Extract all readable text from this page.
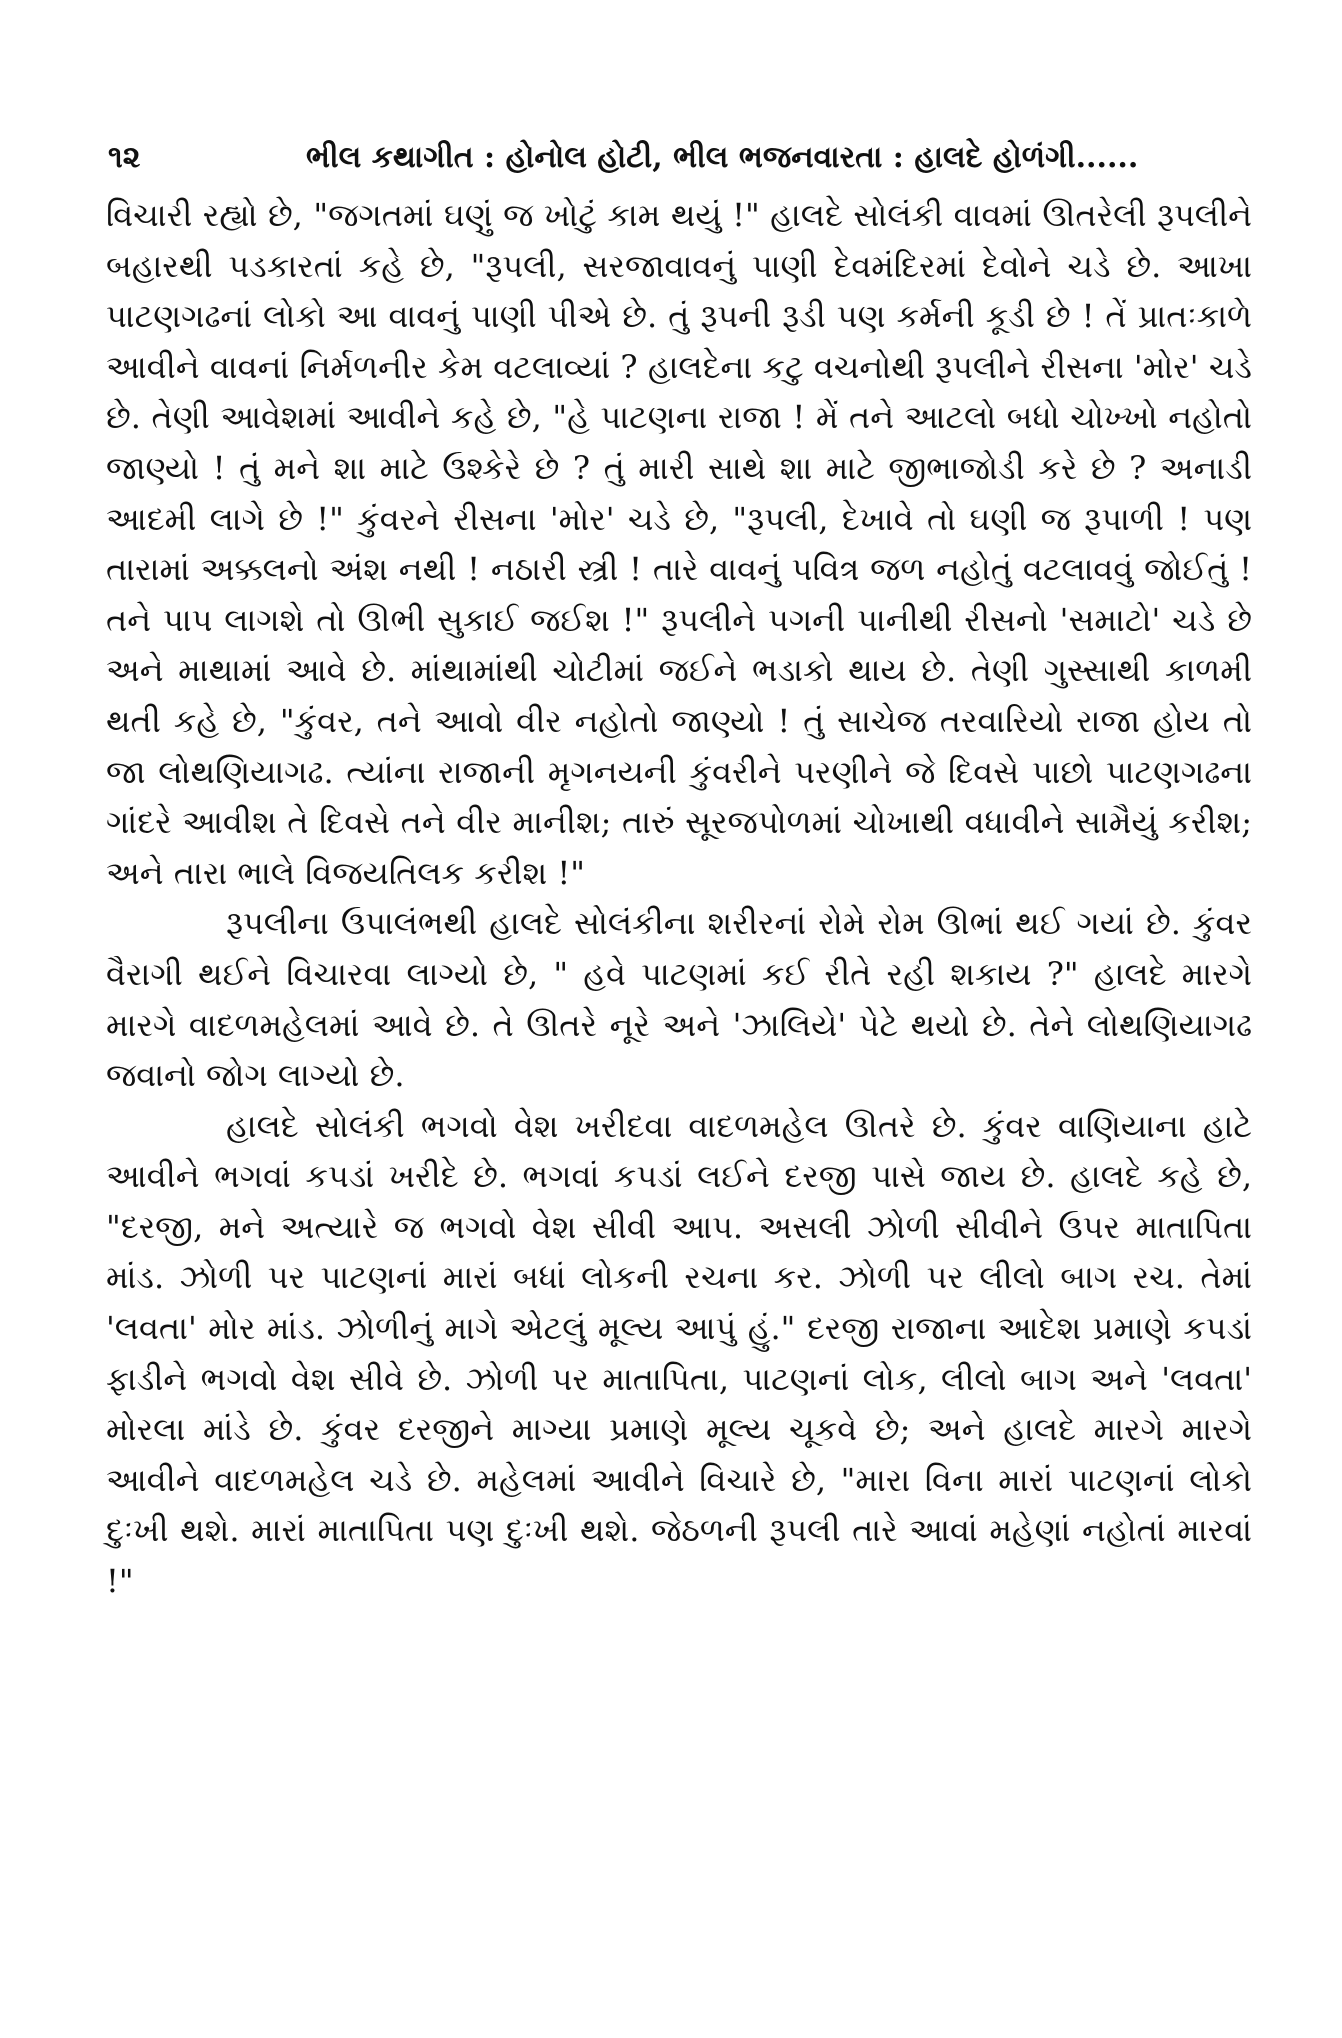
૧૨	ભીલ કથાગીત : હોનોલ હોટી, ભીલ ભજનવારતા : હાલદે હોળંગી......

વિચારી રહ્યો છે, "જગતમાં ઘણું જ ખોટું કામ થયું !" હાલદે સોલંકી વાવમાં ઊતરેલી રૂપલીને બહારથી પડકારતાં કહે છે, "રૂપલી, સરજાવાવનું પાણી દેવમંદિરમાં દેવોને ચડે છે. આખા પાટણગઢનાં લોકો આ વાવનું પાણી પીએ છે. તું રૂપની રૂડી પણ કર્મની કૂડી છે ! તેં પ્રાતઃકાળે આવીને વાવનાં નિર્મળનીર કેમ વટલાવ્યાં ? હાલદેના કટુ વચનોથી રૂપલીને રીસના 'મોર' ચડે છે. તેણી આવેશમાં આવીને કહે છે, "હે પાટણના રાજા ! મેં તને આટલો બધો ચોખ્ખો નહોતો જાણ્યો ! તું મને શા માટે ઉશ્કેરે છે ? તું મારી સાથે શા માટે જીભાજોડી કરે છે ? અનાડી આદમી લાગે છે !" કુંવરને રીસના 'મોર' ચડે છે, "રૂપલી, દેખાવે તો ઘણી જ રૂપાળી ! પણ તારામાં અક્કલનો અંશ નથી ! નઠારી સ્ત્રી ! તારે વાવનું પવિત્ર જળ નહોતું વટલાવવું જોઈતું ! તને પાપ લાગશે તો ઊભી સુકાઈ જઈશ !" રૂપલીને પગની પાનીથી રીસનો 'સમાટો' ચડે છે અને માથામાં આવે છે. માંથામાંથી ચોટીમાં જઈને ભડાકો થાય છે. તેણી ગુસ્સાથી કાળમી થતી કહે છે, "કુંવર, તને આવો વીર નહોતો જાણ્યો ! તું સાચેજ તરવારિયો રાજા હોય તો જા લોથણિયાગઢ. ત્યાંના રાજાની મૃગનયની કુંવરીને પરણીને જે દિવસે પાછો પાટણગઢના ગાંદરે આવીશ તે દિવસે તને વીર માનીશ; તારું સૂરજપોળમાં ચોખાથી વધાવીને સામૈયું કરીશ; અને તારા ભાલે વિજયતિલક કરીશ !"

રૂપલીના ઉપાલંભથી હાલદે સોલંકીના શરીરનાં રોમે રોમ ઊભાં થઈ ગયાં છે. કુંવર વૈરાગી થઈને વિચારવા લાગ્યો છે, " હવે પાટણમાં કઈ રીતે રહી શકાય ?" હાલદે મારગે મારગે વાદળમહેલમાં આવે છે. તે ઊતરે નૂરે અને 'ઝાલિયે' પેટે થયો છે. તેને લોથણિયાગઢ જવાનો જોગ લાગ્યો છે.

હાલદે સોલંકી ભગવો વેશ ખરીદવા વાદળમહેલ ઊતરે છે. કુંવર વાણિયાના હાટે આવીને ભગવાં કપડાં ખરીદે છે. ભગવાં કપડાં લઈને દરજી પાસે જાય છે. હાલદે કહે છે, "દરજી, મને અત્યારે જ ભગવો વેશ સીવી આપ. અસલી ઝોળી સીવીને ઉપર માતાપિતા માંડ. ઝોળી પર પાટણનાં મારાં બધાં લોકની રચના કર. ઝોળી પર લીલો બાગ રચ. તેમાં 'લવતા' મોર માંડ. ઝોળીનું માગે એટલું મૂલ્ય આપું હું." દરજી રાજાના આદેશ પ્રમાણે કપડાં ફાડીને ભગવો વેશ સીવે છે. ઝોળી પર માતાપિતા, પાટણનાં લોક, લીલો બાગ અને 'લવતા' મોરલા માંડે છે. કુંવર દરજીને માગ્યા પ્રમાણે મૂલ્ય ચૂકવે છે; અને હાલદે મારગે મારગે આવીને વાદળમહેલ ચડે છે. મહેલમાં આવીને વિચારે છે, "મારા વિના મારાં પાટણનાં લોકો દુઃખી થશે. મારાં માતાપિતા પણ દુઃખી થશે. જેઠળની રૂપલી તારે આવાં મહેણાં નહોતાં મારવાં !"
